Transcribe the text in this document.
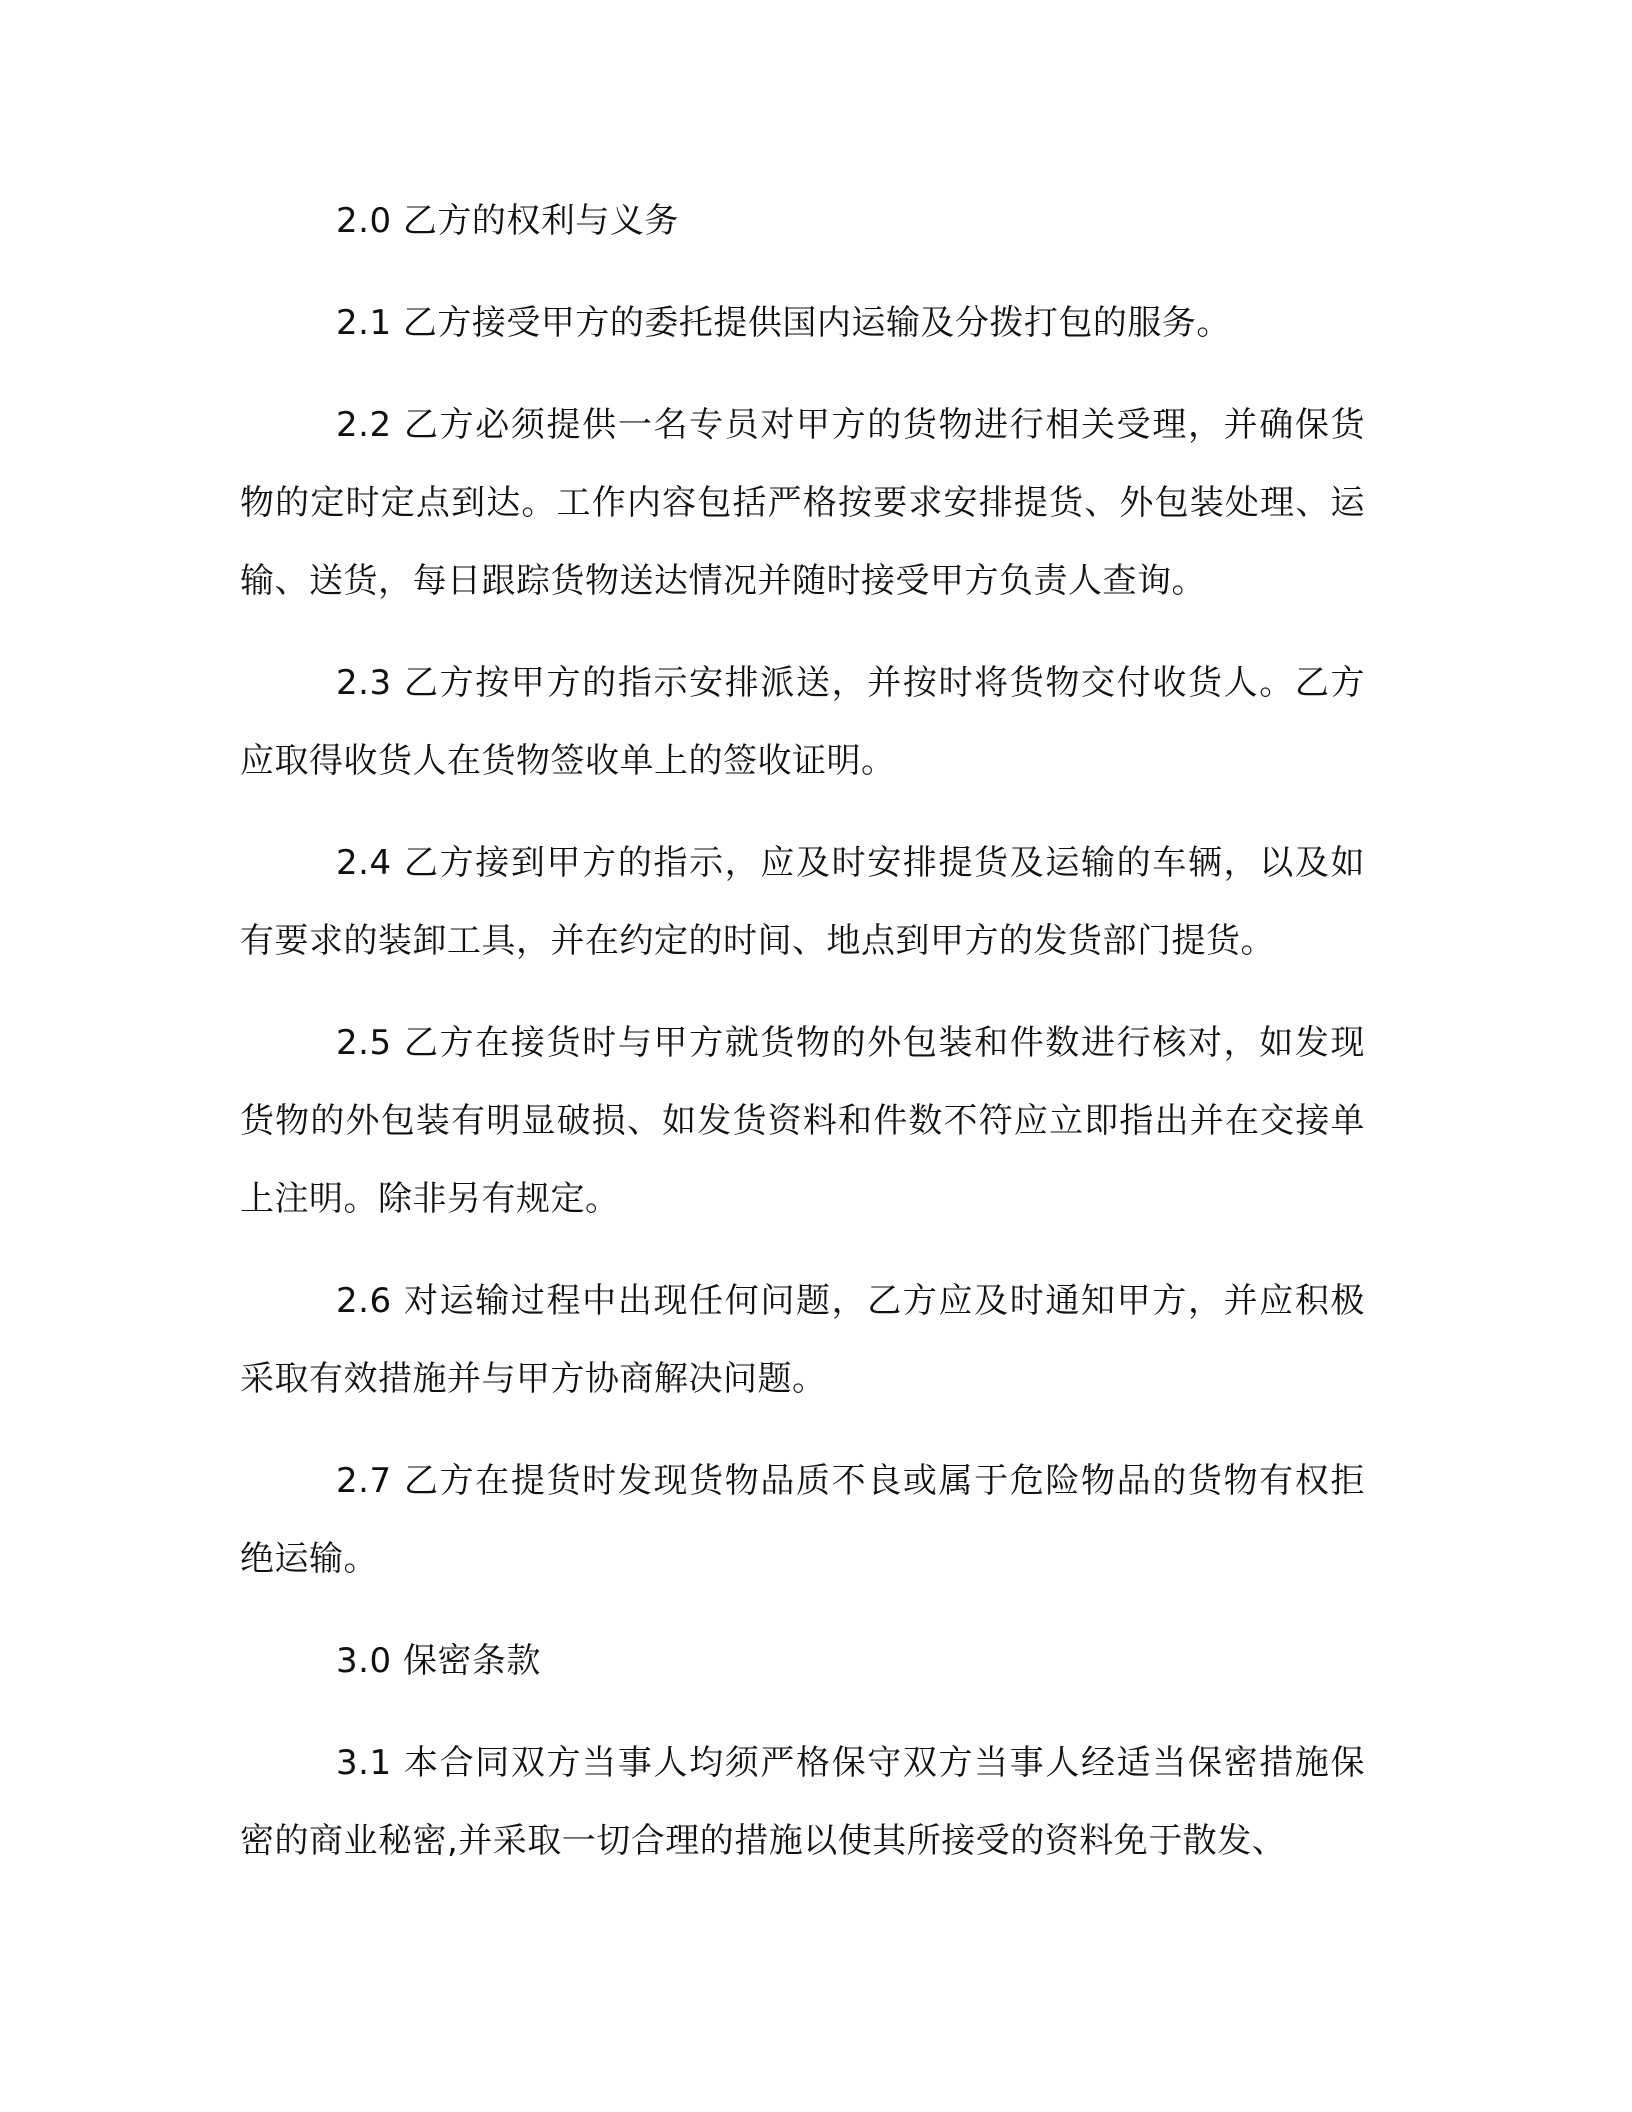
2.0 乙方的权利与义务

2.1 乙方接受甲方的委托提供国内运输及分拨打包的服务。

2.2 乙方必须提供一名专员对甲方的货物进行相关受理，并确保货物的定时定点到达。工作内容包括严格按要求安排提货、外包装处理、运输、送货，每日跟踪货物送达情况并随时接受甲方负责人查询。

2.3 乙方按甲方的指示安排派送，并按时将货物交付收货人。乙方应取得收货人在货物签收单上的签收证明。

2.4 乙方接到甲方的指示，应及时安排提货及运输的车辆，以及如有要求的装卸工具，并在约定的时间、地点到甲方的发货部门提货。

2.5 乙方在接货时与甲方就货物的外包装和件数进行核对，如发现货物的外包装有明显破损、如发货资料和件数不符应立即指出并在交接单上注明。除非另有规定。

2.6 对运输过程中出现任何问题，乙方应及时通知甲方，并应积极采取有效措施并与甲方协商解决问题。

2.7 乙方在提货时发现货物品质不良或属于危险物品的货物有权拒绝运输。

3.0 保密条款

3.1 本合同双方当事人均须严格保守双方当事人经适当保密措施保密的商业秘密,并采取一切合理的措施以使其所接受的资料免于散发、
